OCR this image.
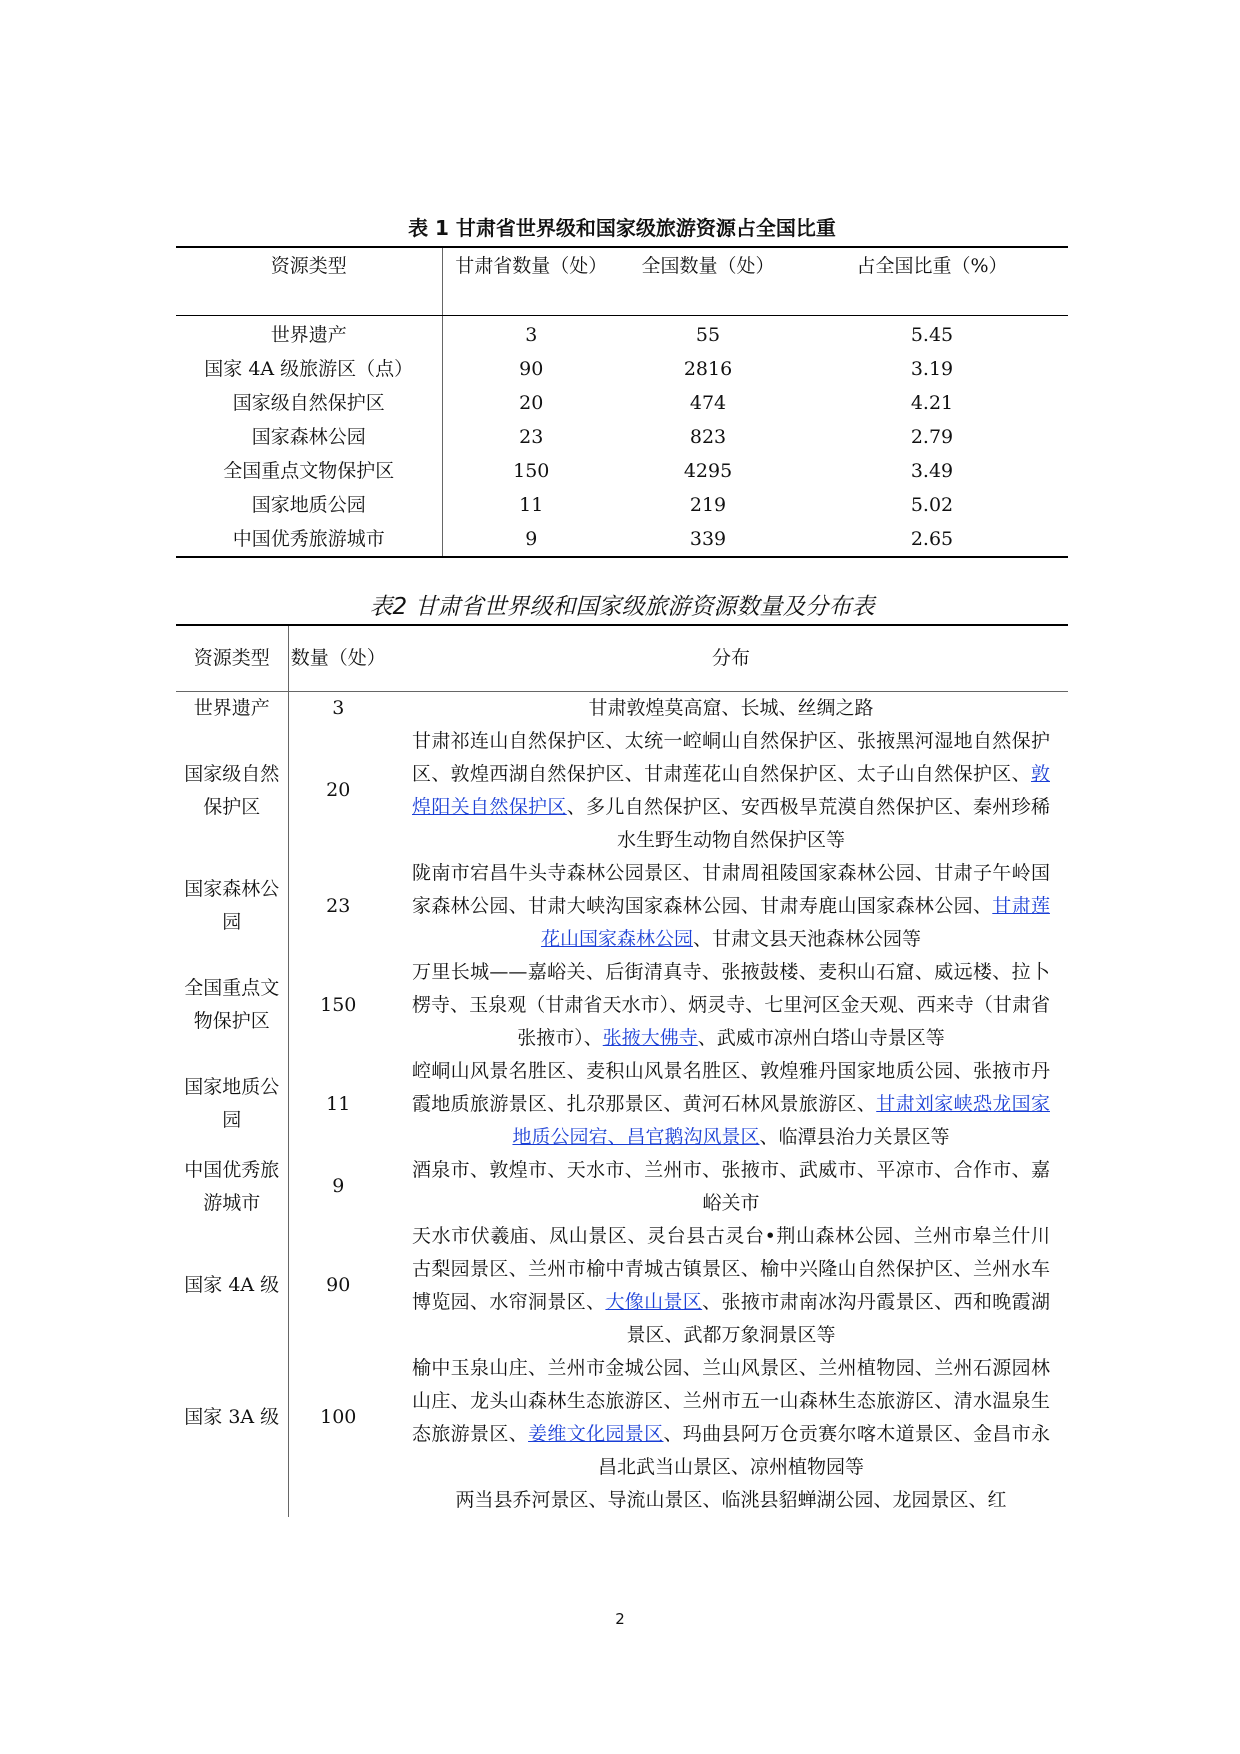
表 1 甘肃省世界级和国家级旅游资源占全国比重
资源类型	甘肃省数量（处）	全国数量（处）	占全国比重（%）
世界遗产	3	55	5.45
国家 4A 级旅游区（点）	90	2816	3.19
国家级自然保护区	20	474	4.21
国家森林公园	23	823	2.79
全国重点文物保护区	150	4295	3.49
国家地质公园	11	219	5.02
中国优秀旅游城市	9	339	2.65
表2 甘肃省世界级和国家级旅游资源数量及分布表
资源类型	数量（处）	分布
世界遗产	3	甘肃敦煌莫高窟、长城、丝绸之路
国家级自然保护区	20	甘肃祁连山自然保护区、太统一崆峒山自然保护区、张掖黑河湿地自然保护区、敦煌西湖自然保护区、甘肃莲花山自然保护区、太子山自然保护区、敦煌阳关自然保护区、多儿自然保护区、安西极旱荒漠自然保护区、秦州珍稀水生野生动物自然保护区等
国家森林公园	23	陇南市宕昌牛头寺森林公园景区、甘肃周祖陵国家森林公园、甘肃子午岭国家森林公园、甘肃大峡沟国家森林公园、甘肃寿鹿山国家森林公园、甘肃莲花山国家森林公园、甘肃文县天池森林公园等
全国重点文物保护区	150	万里长城——嘉峪关、后街清真寺、张掖鼓楼、麦积山石窟、威远楼、拉卜楞寺、玉泉观（甘肃省天水市）、炳灵寺、七里河区金天观、西来寺（甘肃省张掖市）、张掖大佛寺、武威市凉州白塔山寺景区等
国家地质公园	11	崆峒山风景名胜区、麦积山风景名胜区、敦煌雅丹国家地质公园、张掖市丹霞地质旅游景区、扎尕那景区、黄河石林风景旅游区、甘肃刘家峡恐龙国家地质公园宕、昌官鹅沟风景区、临潭县治力关景区等
中国优秀旅游城市	9	酒泉市、敦煌市、天水市、兰州市、张掖市、武威市、平凉市、合作市、嘉峪关市
国家 4A 级	90	天水市伏羲庙、凤山景区、灵台县古灵台•荆山森林公园、兰州市皋兰什川古梨园景区、兰州市榆中青城古镇景区、榆中兴隆山自然保护区、兰州水车博览园、水帘洞景区、大像山景区、张掖市肃南冰沟丹霞景区、西和晚霞湖景区、武都万象洞景区等
国家 3A 级	100	榆中玉泉山庄、兰州市金城公园、兰山风景区、兰州植物园、兰州石源园林山庄、龙头山森林生态旅游区、兰州市五一山森林生态旅游区、清水温泉生态旅游景区、姜维文化园景区、玛曲县阿万仓贡赛尔喀木道景区、金昌市永昌北武当山景区、凉州植物园等
		两当县乔河景区、导流山景区、临洮县貂蝉湖公园、龙园景区、红
2
